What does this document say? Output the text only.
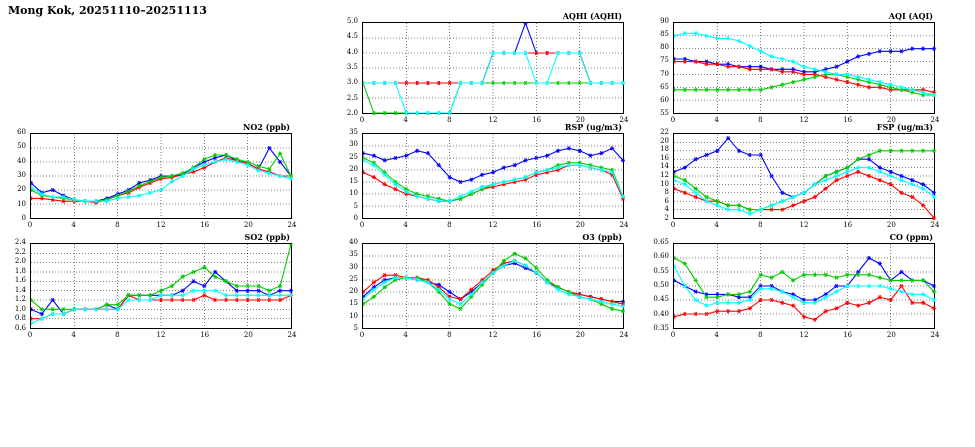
Mong Kok, 20251110–20251113	AQHI (AQHI)
2.0
2.5
3.0
3.5
4.0
4.5
5.0
0	4	8	12	16	20	24
AQI (AQI)
55
60
65
70
75
80
85
90
0	4	8	12	16	20	24
NO2 (ppb)
0
10
20
30
40
50
60
0	4	8	12	16	20	24
RSP (ug/m3)
0
5
10
15
20
25
30
35
0	4	8	12	16	20	24
FSP (ug/m3)
2
4
6
8
10
12
14
16
18
20
22
0	4	8	12	16	20	24
SO2 (ppb)
0.6
0.8
1.0
1.2
1.4
1.6
1.8
2.0
2.2
2.4
0	4	8	12	16	20	24
O3 (ppb)
5
10
15
20
25
30
35
40
0	4	8	12	16	20	24
CO (ppm)
0.35
0.40
0.45
0.50
0.55
0.60
0.65
0	4	8	12	16	20	24
